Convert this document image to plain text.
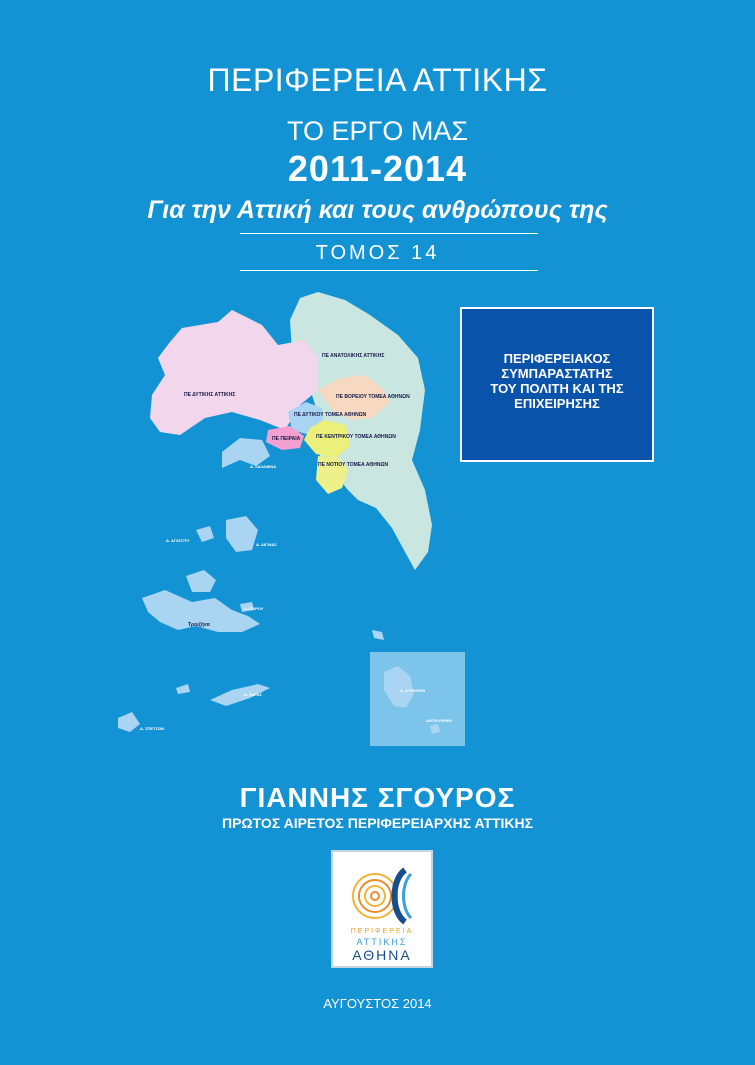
ΠΕΡΙΦΕΡΕΙΑ ΑΤΤΙΚΗΣ
ΤΟ ΕΡΓΟ ΜΑΣ
2011-2014
Για την Αττική και τους ανθρώπους της
ΤΟΜΟΣ 14
ΠΕΡΙΦΕΡΕΙΑΚΟΣ
ΣΥΜΠΑΡΑΣΤΑΤΗΣ
ΤΟΥ ΠΟΛΙΤΗ ΚΑΙ ΤΗΣ
ΕΠΙΧΕΙΡΗΣΗΣ
ΠΕ ΑΝΑΤΟΛΙΚΗΣ ΑΤΤΙΚΗΣ
ΠΕ ΔΥΤΙΚΗΣ ΑΤΤΙΚΗΣ	ΠΕ ΒΟΡΕΙΟΥ ΤΟΜΕΑ ΑΘΗΝΩΝ
ΠΕ ΔΥΤΙΚΟΥ ΤΟΜΕΑ ΑΘΗΝΩΝ
ΠΕ ΠΕΙΡΑΙΑ	ΠΕ ΚΕΝΤΡΙΚΟΥ ΤΟΜΕΑ ΑΘΗΝΩΝ
ΠΕ ΝΟΤΙΟΥ ΤΟΜΕΑ ΑΘΗΝΩΝ
Δ. ΣΑΛΑΜΙΝΑ
Δ. ΑΙΓΙΝΑΣ
Δ. ΑΓΚΙΣΤΡΙ
Δ. ΠΟΡΟΥ
Τροιζήνα
Δ. ΥΔΡΑΣ
Δ. ΣΠΕΤΣΩΝ
Δ. ΚΥΘΗΡΩΝ
ΑΝΤΙΚΥΘΗΡΑ
ΓΙΑΝΝΗΣ ΣΓΟΥΡΟΣ
ΠΡΩΤΟΣ ΑΙΡΕΤΟΣ ΠΕΡΙΦΕΡΕΙΑΡΧΗΣ ΑΤΤΙΚΗΣ
ΠΕΡΙΦΕΡΕΙΑ
ΑΤΤΙΚΗΣ
ΑΘΗΝΑ
ΑΥΓΟΥΣΤΟΣ 2014
